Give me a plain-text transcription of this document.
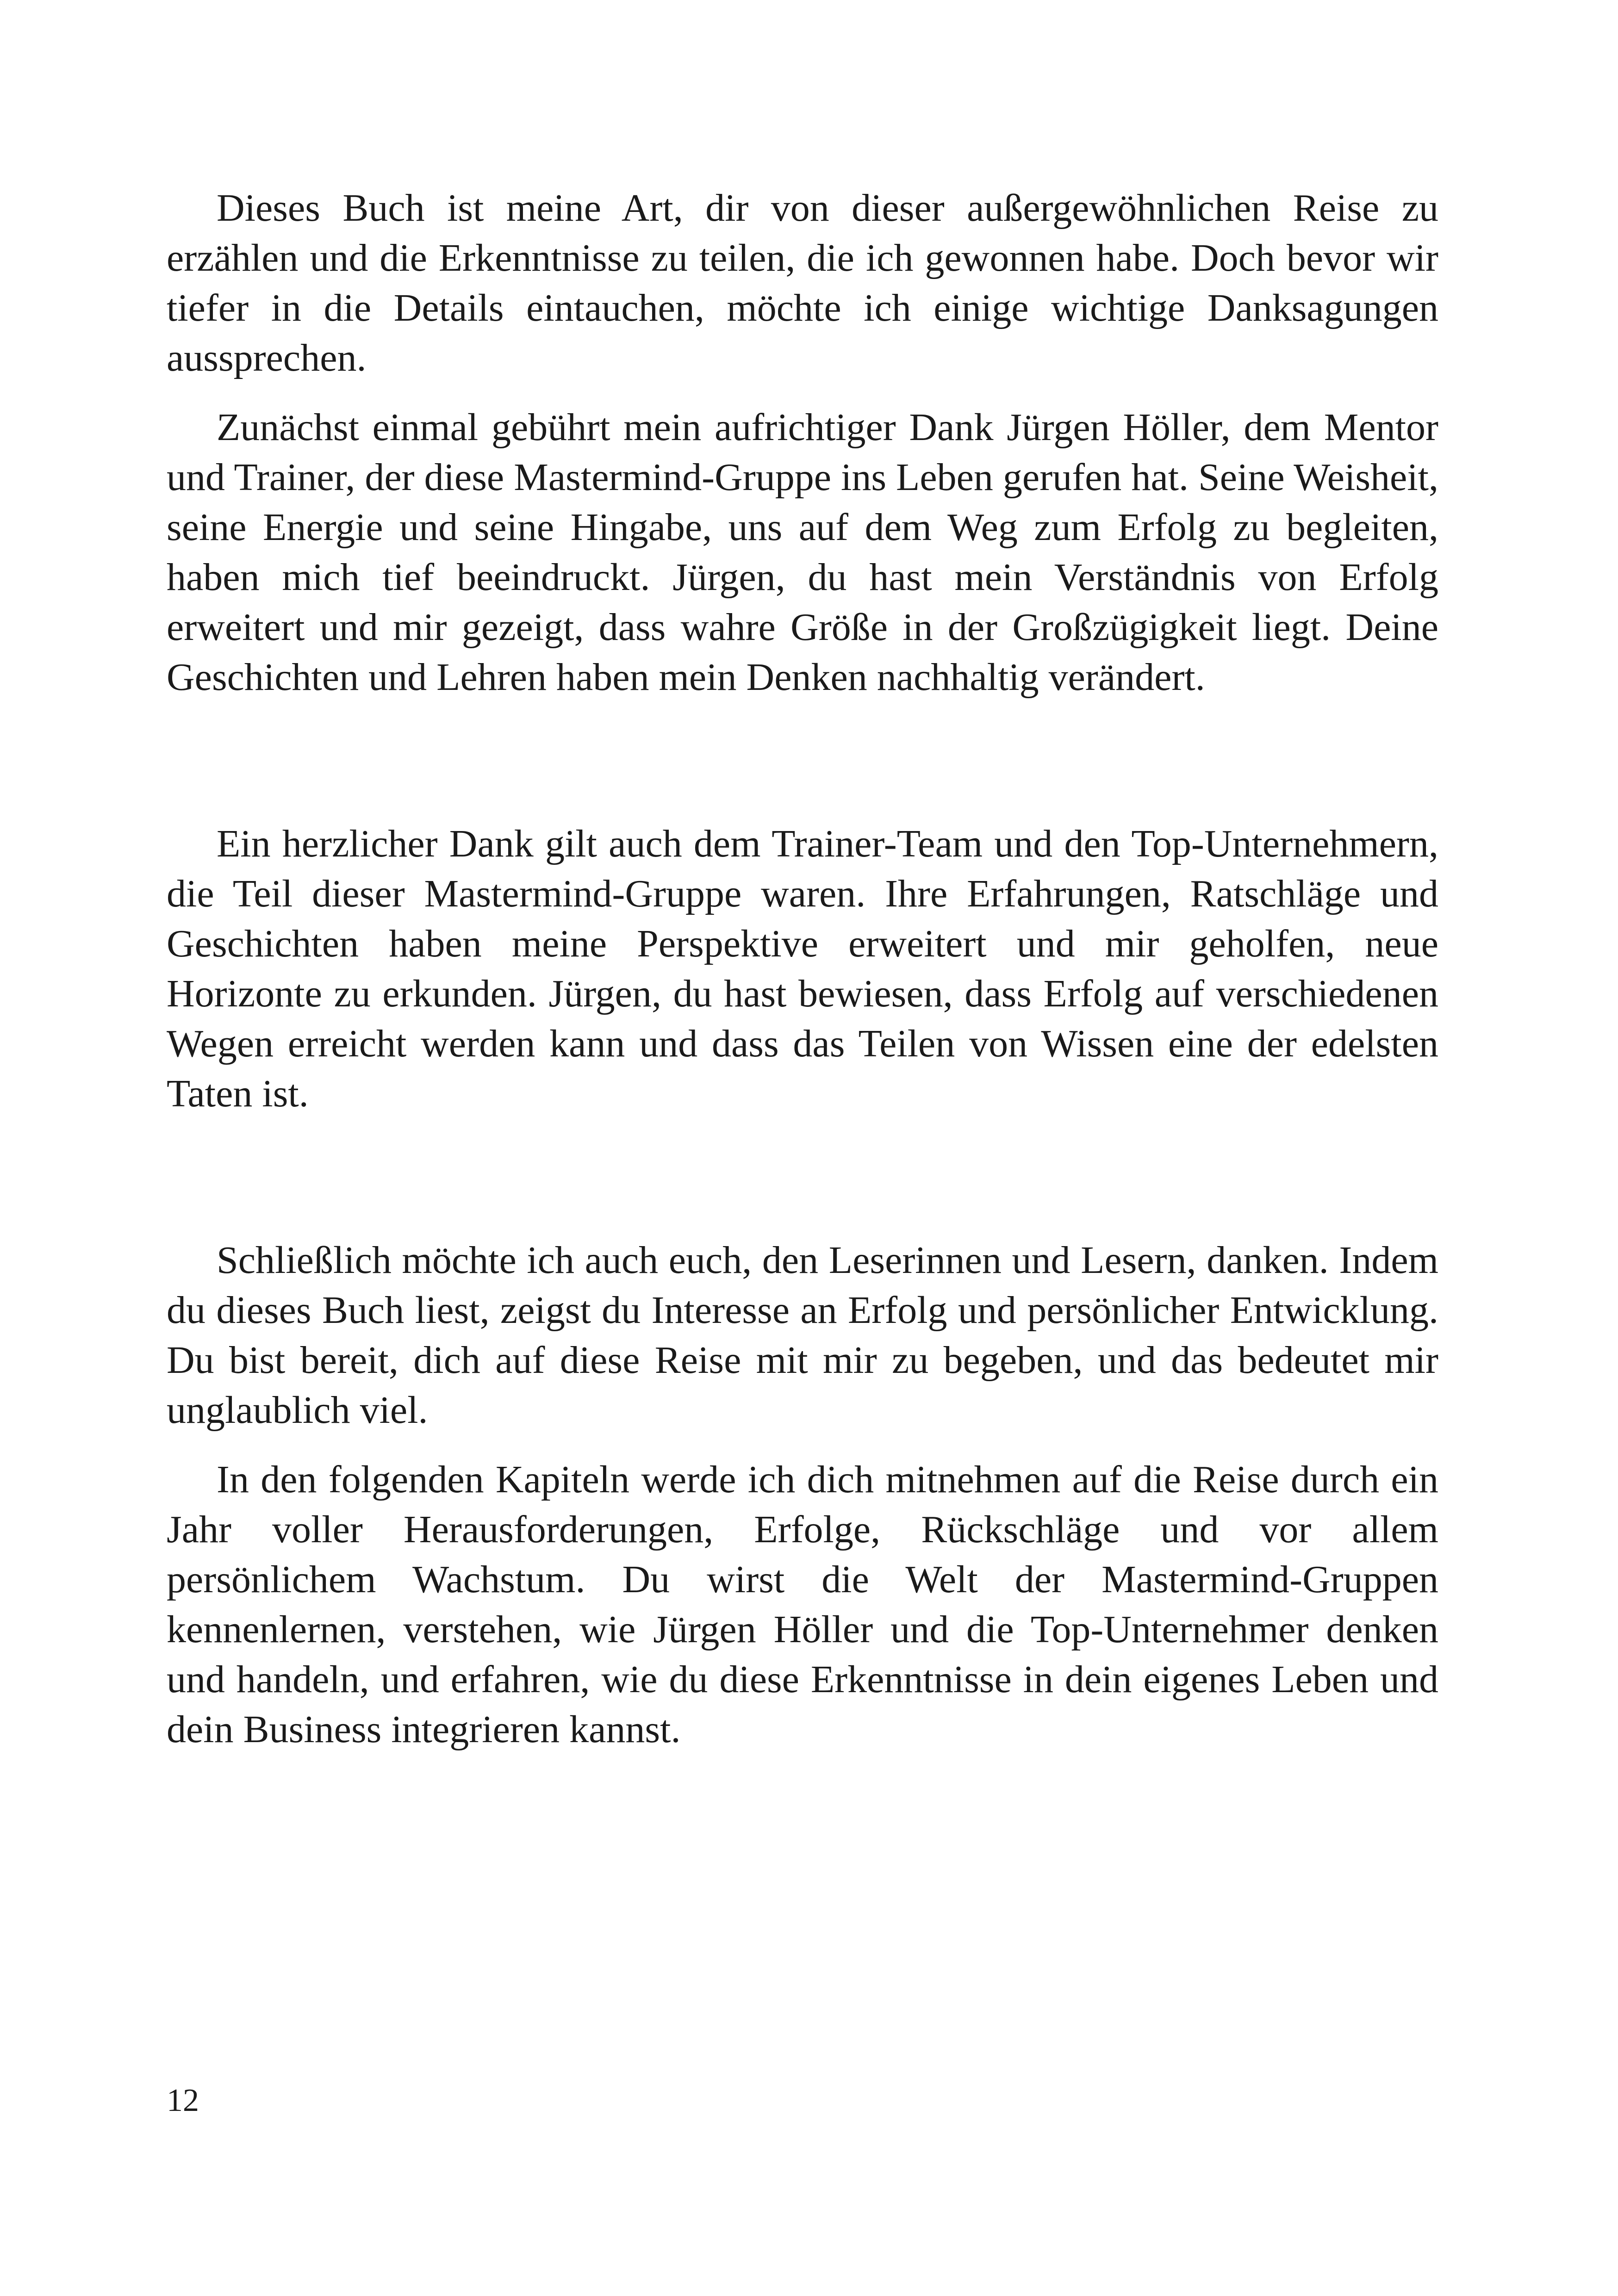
Dieses Buch ist meine Art, dir von dieser außergewöhnlichen Reise zu erzählen und die Erkenntnisse zu teilen, die ich gewonnen habe. Doch bevor wir tiefer in die Details eintauchen, möchte ich einige wichtige Danksagungen aussprechen.

Zunächst einmal gebührt mein aufrichtiger Dank Jürgen Höller, dem Mentor und Trainer, der diese Mastermind-Gruppe ins Leben gerufen hat. Seine Weisheit, seine Energie und seine Hingabe, uns auf dem Weg zum Erfolg zu begleiten, haben mich tief beeindruckt. Jürgen, du hast mein Verständnis von Erfolg erweitert und mir gezeigt, dass wahre Größe in der Großzügigkeit liegt. Deine Geschichten und Lehren haben mein Denken nachhaltig verändert.

Ein herzlicher Dank gilt auch dem Trainer-Team und den Top-Unternehmern, die Teil dieser Mastermind-Gruppe waren. Ihre Erfahrungen, Ratschläge und Geschichten haben meine Perspektive erweitert und mir geholfen, neue Horizonte zu erkunden. Jürgen, du hast bewiesen, dass Erfolg auf verschiedenen Wegen erreicht werden kann und dass das Teilen von Wissen eine der edelsten Taten ist.

Schließlich möchte ich auch euch, den Leserinnen und Lesern, danken. Indem du dieses Buch liest, zeigst du Interesse an Erfolg und persönlicher Entwicklung. Du bist bereit, dich auf diese Reise mit mir zu begeben, und das bedeutet mir unglaublich viel.

In den folgenden Kapiteln werde ich dich mitnehmen auf die Reise durch ein Jahr voller Herausforderungen, Erfolge, Rückschläge und vor allem persönlichem Wachstum. Du wirst die Welt der Mastermind-Gruppen kennenlernen, verstehen, wie Jürgen Höller und die Top-Unternehmer denken und handeln, und erfahren, wie du diese Erkenntnisse in dein eigenes Leben und dein Business integrieren kannst.

12
